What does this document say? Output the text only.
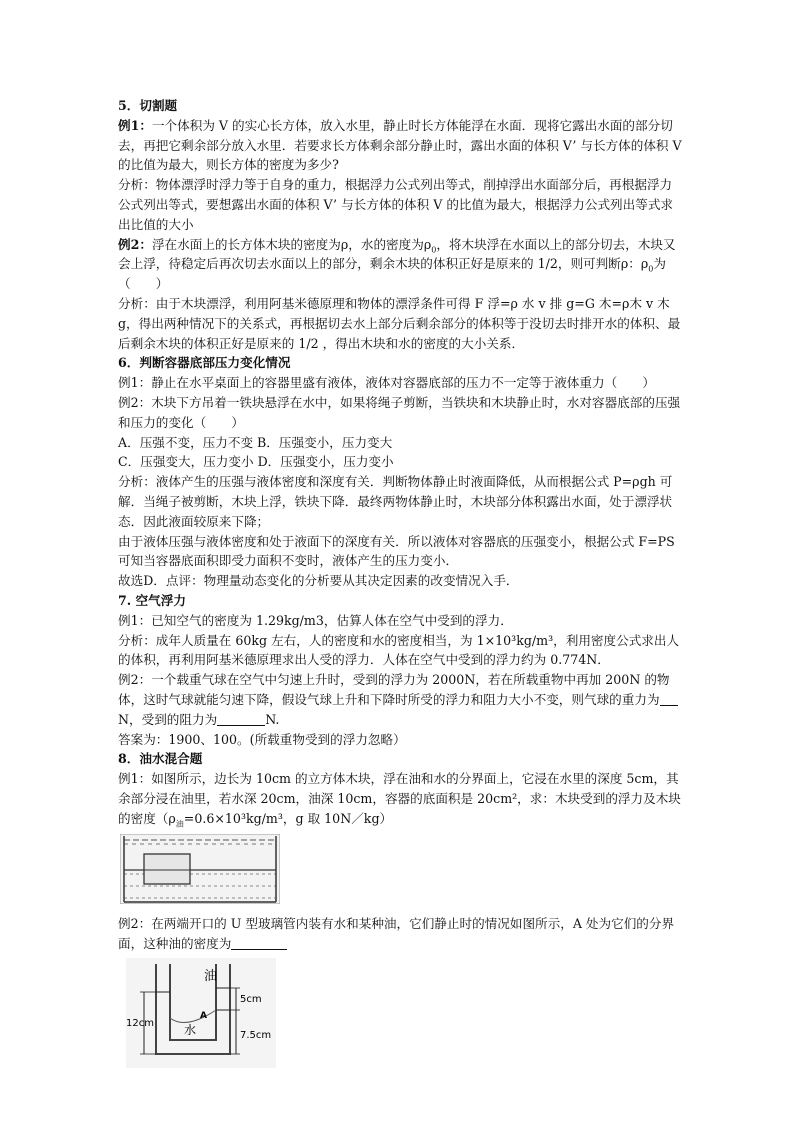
5．切割题

例1：一个体积为 V 的实心长方体，放入水里，静止时长方体能浮在水面．现将它露出水面的部分切去，再把它剩余部分放入水里．若要求长方体剩余部分静止时，露出水面的体积 V’ 与长方体的体积 V 的比值为最大，则长方体的密度为多少?

分析：物体漂浮时浮力等于自身的重力，根据浮力公式列出等式，削掉浮出水面部分后，再根据浮力公式列出等式，要想露出水面的体积 V’ 与长方体的体积 V 的比值为最大，根据浮力公式列出等式求出比值的大小

例2：浮在水面上的长方体木块的密度为ρ，水的密度为$\rho_0$，将木块浮在水面以上的部分切去，木块又会上浮，待稳定后再次切去水面以上的部分，剩余木块的体积正好是原来的 1/2，则可判断ρ：$\rho_0$为（　　）

分析：由于木块漂浮，利用阿基米德原理和物体的漂浮条件可得 F 浮=ρ 水 v 排 g=G 木=ρ木 v 木 g，得出两种情况下的关系式，再根据切去水上部分后剩余部分的体积等于没切去时排开水的体积、最后剩余木块的体积正好是原来的 1/2 ，得出木块和水的密度的大小关系．

6．判断容器底部压力变化情况

例1：静止在水平桌面上的容器里盛有液体，液体对容器底部的压力不一定等于液体重力（　　）

例2：木块下方吊着一铁块悬浮在水中，如果将绳子剪断，当铁块和木块静止时，水对容器底部的压强和压力的变化（　　）

A．压强不变，压力不变 B．压强变小，压力变大

C．压强变大，压力变小 D．压强变小，压力变小

分析：液体产生的压强与液体密度和深度有关．判断物体静止时液面降低，从而根据公式 P=ρgh 可解．当绳子被剪断，木块上浮，铁块下降．最终两物体静止时，木块部分体积露出水面，处于漂浮状态．因此液面较原来下降；

由于液体压强与液体密度和处于液面下的深度有关．所以液体对容器底的压强变小，根据公式 F=PS 可知当容器底面积即受力面积不变时，液体产生的压力变小．

故选D．点评：物理量动态变化的分析要从其决定因素的改变情况入手．

7. 空气浮力

例1：已知空气的密度为 1.29kg/m3，估算人体在空气中受到的浮力．

分析：成年人质量在 60kg 左右，人的密度和水的密度相当，为 1×10³kg/m³，利用密度公式求出人的体积，再利用阿基米德原理求出人受的浮力．人体在空气中受到的浮力约为 0.774N．

例2：一个载重气球在空气中匀速上升时，受到的浮力为 2000N，若在所载重物中再加 200N 的物体，这时气球就能匀速下降，假设气球上升和下降时所受的浮力和阻力大小不变，则气球的重力为N，受到的阻力为	N.

答案为：1900、100。(所载重物受到的浮力忽略）

8．油水混合题

例1：如图所示，边长为 10cm 的立方体木块，浮在油和水的分界面上，它浸在水里的深度 5cm，其余部分浸在油里，若水深 20cm，油深 10cm，容器的底面积是 20cm²，求：木块受到的浮力及木块的密度（$\rho_油=0.6\times 10^3kg/m^3$，g 取 10N／kg）

例2：在两端开口的 U 型玻璃管内装有水和某种油，它们静止时的情况如图所示，A 处为它们的分界面，这种油的密度为

油
水
A
5cm
12cm
7.5cm
